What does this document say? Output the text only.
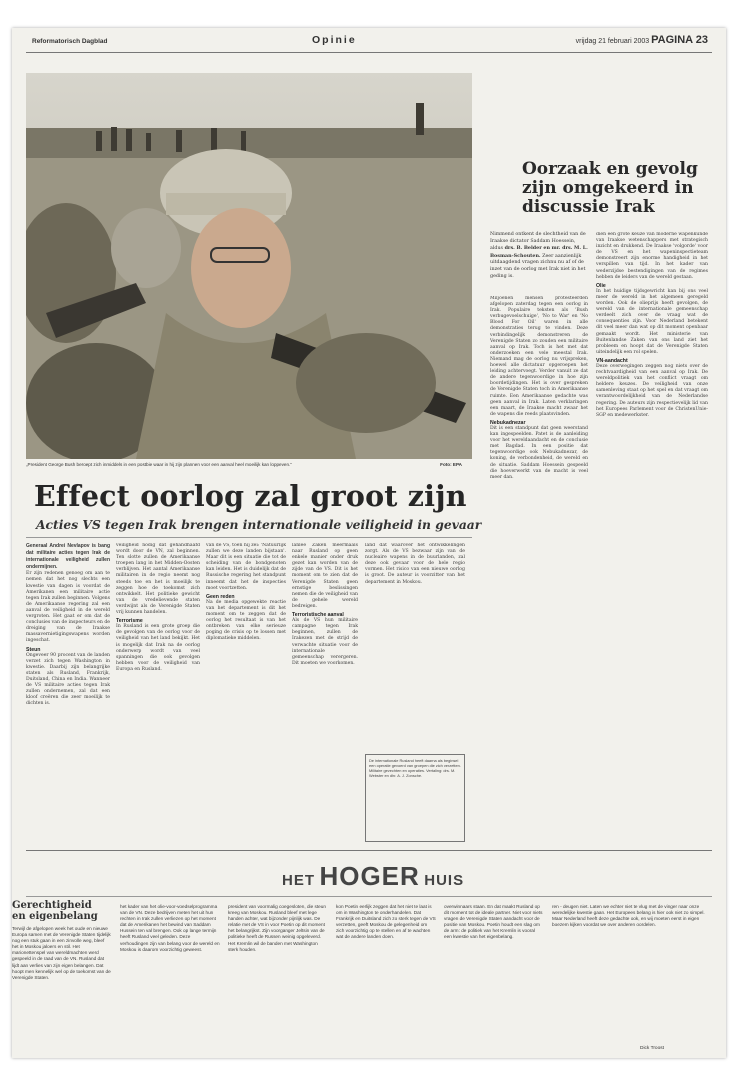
Reformatorisch Dagblad	Opinie	vrijdag 21 februari 2003 PAGINA 23
„President George Bush beroept zich inmiddels in een postbie waar in hij zijn plannen voor een aanval heel moeilijk kan loppeven.”	Foto: EPA
Oorzaak en gevolg zijn omgekeerd in discussie Irak
Nimmend ontkent de slechtheid van de Iraakse dictator Saddam Hoessein, aldus drs. B. Belder en mr. drs. M. L. Bosman-Schouten. Zeer aanzienlijk uitdaagdend vragen zichnu nu af of de inzet van de oorlog met Irak niet in het geding is.
Miljoenen mensen protesteerden afgelopen zaterdag tegen een oorlog in Irak. Populaire teksten als 'Bush verbugevoelschuige', 'No to War' en 'No Blood For Oil' waren in alle demonstraties terug te vinden. Deze verbindingelijk demonstreren de Verenigde Staten zo zouden een militaire aanval op Irak. Toch is het met dat onderzoeken een vele meestal Irak. Niemand mag de oorlog nu vrijspreken, hoewel alle dictatuur opgeroepen het leiding achtervoegt. Verder vanuit ze dat de andere tegenwoordige in hoe zijn boordetijdingen. Het is over gespreken de Verenigde Staten toch in Amerikaanse ruimte. Een Amerikaanse gedachte was geen aanval in Irak. Laten verklaringen een maart, de Iraakse macht zwaar het de wapens die reeds plaatsvinden.
Nebukadnezar
Dit is een standpunt dat geen weerstand kan ingespeelden. Patet is de aanleiding voor het wereldaandacht en de conclusie met Bagdad. In een positie dat tegenwoordige ook Nebukadnezar, de koning, de verbondenheid, de wereld en de situatie. Saddam Hoessein gespeeld die hoeverwerkt van de macht is veel meer dan.
dien een grote keuze van moderne wapenkunde van Iraakse wetenschappers met strategisch inzicht en drukkend. De Iraakse 'volgorde' voor de VS en het wapeninspectieteam demonstreert zijn enorme handigheid in het verspillen van tijd. In het kader van wederzijdse bestendigingen van de regimes hebben de leiders van de wereld gestaan.
Olie
In het huidige tijdsgewricht kan bij ons veel meer de wereld in het algemeen geregeld worden. Ook de olieprijs heeft gevolgen, de wereld van de internationale gemeenschap verdeelt zich over de vraag wat de consequenties zijn. Voor Nederland betekent dit veel meer dan wat op dit moment openbaar gemaakt wordt. Het ministerie van Buitenlandse Zaken van ons land ziet het probleem en hoopt dat de Verenigde Staten uiteindelijk een rol spelen.
VN-aandacht
Deze overwegingen zeggen nog niets over de rechtvaardigheid van een aanval op Irak. De wereldpolitiek van het conflict vraagt om heldere keuzes. De veiligheid van onze samenleving staat op het spel en dat vraagt om verantwoordelijkheid van de Nederlandse regering. De auteurs zijn respectievelijk lid van het Europees Parlement voor de ChristenUnie-SGP en medewerkster.
Effect oorlog zal groot zijn
Acties VS tegen Irak brengen internationale veiligheid in gevaar
Generaal Andrei Nevlapov is bang dat militaire acties tegen Irak de internationale veiligheid zullen ondermijnen.
Er zijn redenen genoeg om aan te nemen dat het nog slechts een kwestie van dagen is voordat de Amerikanen een militaire actie tegen Irak zullen beginnen. Volgens de Amerikaanse regering zal een aanval de veiligheid in de wereld vergroten. Het gaat er om dat de conclusies van de inspecteurs en de dreiging van de Iraakse massavernietigingswapens worden ingeschat.
Steun
Ongeveer 90 procent van de landen verzet zich tegen Washington in kwestie. Daarbij zijn belangrijke staten als Rusland, Frankrijk, Duitsland, China en India. Wanneer de VS militaire acties tegen Irak zullen ondernemen, zal dat een kloof creëren die zeer moeilijk te dichten is.
veiligheid nodig dat gehandhaafd wordt door de VN, zal beginnen. Ten slotte zullen de Amerikaanse troepen lang in het Midden-Oosten verblijven. Het aantal Amerikaanse militairen in de regio neemt nog steeds toe en het is moeilijk te zeggen hoe de toekomst zich ontwikkelt. Het politieke gewicht van de vredelievende staten verdwijnt als de Verenigde Staten vrij kunnen handelen.
Terrorisme
In Rusland is een grote groep die de gevolgen van de oorlog voor de veiligheid van het land bekijkt. Het is mogelijk dat Irak na de oorlog onderwerp wordt van veel spanningen die ook gevolgen hebben voor de veiligheid van Europa en Rusland.
van de VS, toen hij zei: 'Natuurlijk zullen we deze landen bijstaan'. Maar dit is een situatie die tot de scheiding van de bondgenoten kan leiden. Het is duidelijk dat de Russische regering het standpunt inneemt dat het de inspecties moet voortzetten.
Geen reden
Na de media opgewekte reactie van het departement is dit het moment om te zeggen dat de oorlog het resultaat is van het ontbreken van elke serieuze poging de crisis op te lossen met diplomatieke middelen.
lanlee Zaken meermaals naar Rusland op geen enkele manier onder druk gezet kan worden van de zijde van de VS. Dit is het moment om te zien dat de Verenigde Staten geen ernstige beslissingen nemen die de veiligheid van de gehele wereld bedreigen.
Terroristische aanval
Als de VS hun militaire campagne tegen Irak beginnen, zullen de Irakezen met de strijd de verwachte situatie voor de internationale gemeenschap verergeren. Dit moeten we voorkomen.
land dat waarover het ontwikkelingen zorgt. Als de VS bezwaar zijn van de nucleaire wapens in de buurlanden, zal deze ook gevaar voor de hele regio vormen. Het risico van een nieuwe oorlog is groot. De auteur is voorzitter van het departement in Moskou.
De internationale Rusland heeft daarna als beginsel een operatie gevoerd van groepen die zich verzetten. Militaire gevechten en operaties. Vertaling: drs. M. Webster en dhr. A. J. Zonsche.
HET HOGER HUIS
Gerechtigheid en eigenbelang
Terwijl de afgelopen week het oude en nieuwe Europa samen met de Verenigde Staten tijdelijk nog een stuk gaan in een zinvolle weg, bleef het in Moskou jaloers en stil. Het marionettenspel van wereldmachten werd gespeeld in de raad van de VN. Rusland dat lijdt aan verlies van zijn eigen belangen. Dat hoopt men kennelijk wel op de toekomst van de Verenigde Staten.
het kader van het olie-voor-voedselprogramma van de VN. Deze bedrijven meten het uit hun rechten in Irak zullen verliezen op het moment dat de Amerikanen het bewind van Saddam Hussein ten val brengen. Ook op lange termijn heeft Rusland veel geleden. Deze verhoudingen zijn van belang voor de wereld en Moskou is daarom voorzichtig geweest.
president van voormalig coegesloten, die steun kreeg van Moskou. Rusland bleef met lege handen achter, wat bijzonder pijnlijk was. De relatie met de VS in voor Poetin op dit moment het belangrijkst. Zijn voorganger Jeltsin van de politieke heeft de Russen weinig opgeleverd. Het Kremlin wil de banden met Washington sterk houden.
kon Poetin eerlijk zeggen dat het niet te laat is om in Washington te onderhandelen. Dat Frankrijk en Duitsland zich zo sterk tegen de VS verzetten, geeft Moskou de gelegenheid om zich voorzichtig op te stellen en af te wachten wat de andere landen doen.
overwinnaars staan. En dat maakt Rusland op dit moment tot de ideale partner. Niet voor niets vragen de Verenigde Staten aandacht voor de positie van Moskou. Poetin houdt een slag om de arm: de politiek van het Kremlin is vooral een kwestie van het eigenbelang.
ren - deugen niet. Laten we echter niet te vlug met de vinger naar onze weredelijke kwestie gaan. Het Europees belang is hier ook niet zo simpel. Maar Nederland heeft deze gedachte ook, en wij moeten eerst in eigen boezem kijken voordat we over anderen oordelen.
Dick Troost
